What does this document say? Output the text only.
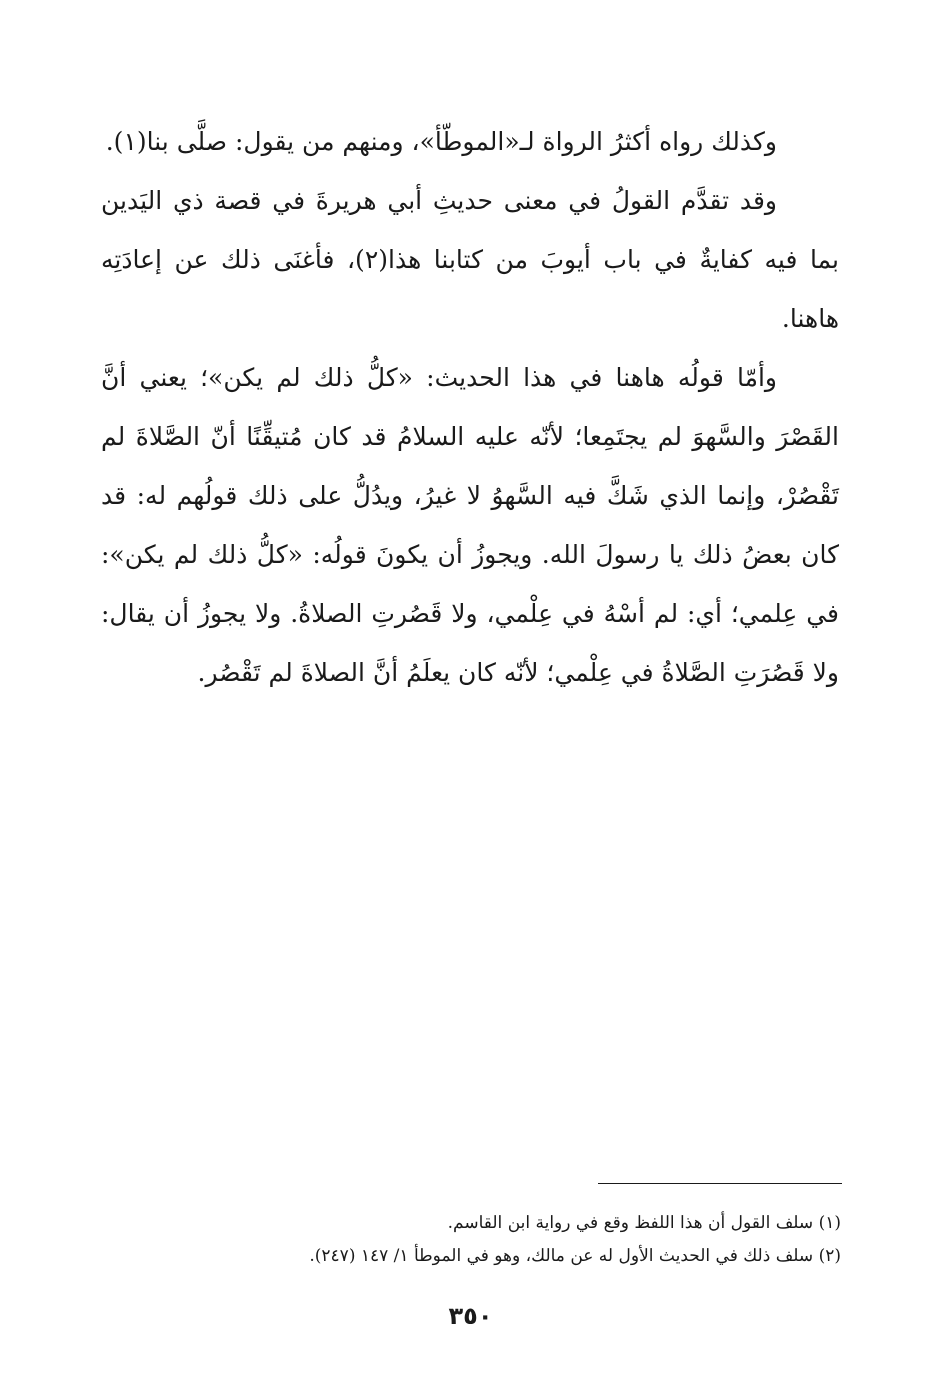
وكذلك رواه أكثرُ الرواة لـ«الموطّأ»، ومنهم من يقول: صلَّى بنا(١).

وقد تقدَّم القولُ في معنى حديثِ أبي هريرةَ في قصة ذي اليَدين بما فيه كفايةٌ في باب أيوبَ من كتابنا هذا(٢)، فأغنَى ذلك عن إعادَتِه هاهنا.

وأمّا قولُه هاهنا في هذا الحديث: «كلُّ ذلك لم يكن»؛ يعني أنَّ القَصْرَ والسَّهوَ لم يجتَمِعا؛ لأنّه عليه السلامُ قد كان مُتيقِّنًا أنّ الصَّلاةَ لم تَقْصُرْ، وإنما الذي شَكَّ فيه السَّهوُ لا غيرُ، ويدُلُّ على ذلك قولُهم له: قد كان بعضُ ذلك يا رسولَ الله. ويجوزُ أن يكونَ قولُه: «كلُّ ذلك لم يكن»: في عِلمي؛ أي: لم أسْهُ في عِلْمي، ولا قَصُرتِ الصلاةُ. ولا يجوزُ أن يقال: ولا قَصُرَتِ الصَّلاةُ في عِلْمي؛ لأنّه كان يعلَمُ أنَّ الصلاةَ لم تَقْصُر.

(١) سلف القول أن هذا اللفظ وقع في رواية ابن القاسم.
(٢) سلف ذلك في الحديث الأول له عن مالك، وهو في الموطأ ١/ ١٤٧ (٢٤٧).
٣٥٠
